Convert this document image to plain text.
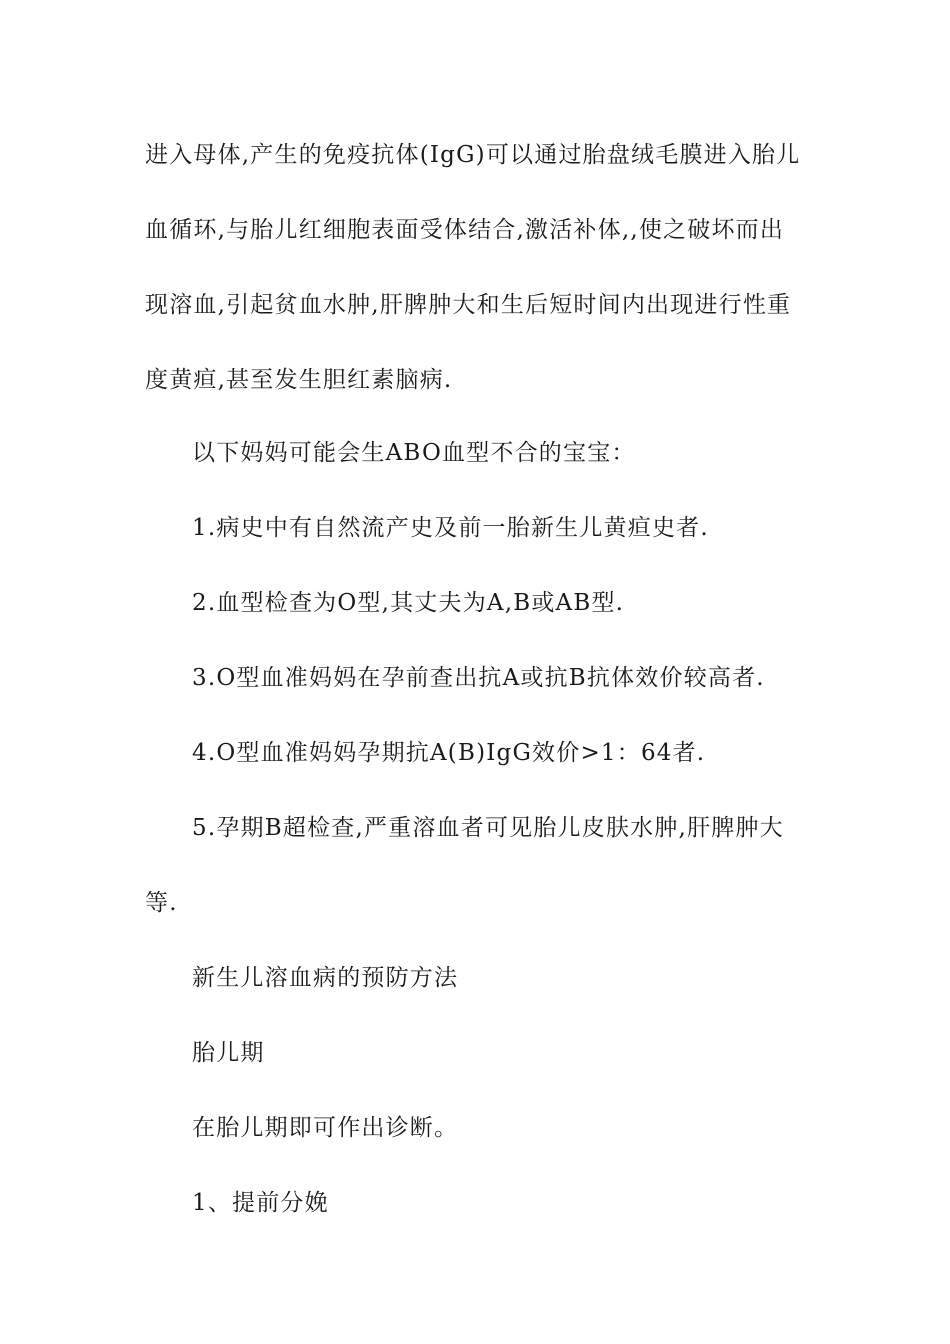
进入母体,产生的免疫抗体(IgG)可以通过胎盘绒毛膜进入胎儿
血循环,与胎儿红细胞表面受体结合,激活补体,,使之破坏而出
现溶血,引起贫血水肿,肝脾肿大和生后短时间内出现进行性重
度黄疸,甚至发生胆红素脑病.

以下妈妈可能会生ABO血型不合的宝宝：

1.病史中有自然流产史及前一胎新生儿黄疸史者.

2.血型检查为O型,其丈夫为A,B或AB型.

3.O型血准妈妈在孕前查出抗A或抗B抗体效价较高者.

4.O型血准妈妈孕期抗A(B)IgG效价>1：64者.

5.孕期B超检查,严重溶血者可见胎儿皮肤水肿,肝脾肿大
等.

新生儿溶血病的预防方法

胎儿期

在胎儿期即可作出诊断。

1、提前分娩
